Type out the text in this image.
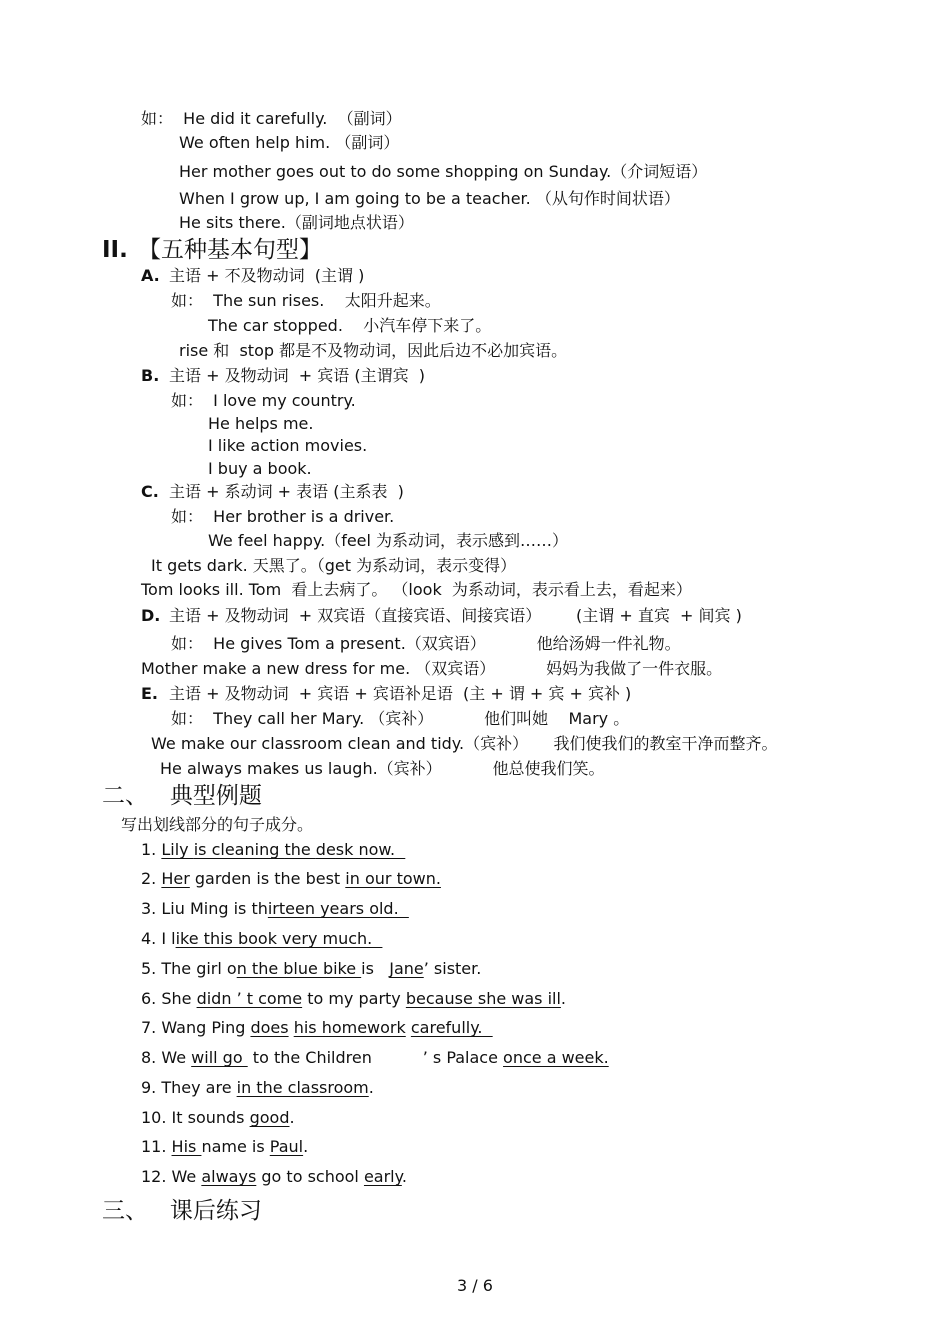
如：  He did it carefully.  （副词）
We often help him. （副词）
Her mother goes out to do some shopping on Sunday.（介词短语）
When I grow up, I am going to be a teacher. （从句作时间状语）
He sits there.（副词地点状语）
II. 【五种基本句型】
A. 主语 + 不及物动词  (主谓 )
如：  The sun rises.    太阳升起来。
The car stopped.    小汽车停下来了。
rise 和  stop 都是不及物动词，因此后边不必加宾语。
B. 主语 + 及物动词  + 宾语 (主谓宾  )
如：  I love my country.
He helps me.
I like action movies.
I buy a book.
C. 主语 + 系动词 + 表语 (主系表  )
如：  Her brother is a driver.
We feel happy.（feel 为系动词，表示感到……）
It gets dark. 天黑了。（get 为系动词，表示变得）
Tom looks ill. Tom  看上去病了。 （look  为系动词，表示看上去，看起来）
D. 主语 + 及物动词  + 双宾语（直接宾语、间接宾语） (主谓 + 直宾  + 间宾 )
如：  He gives Tom a present.（双宾语）          他给汤姆一件礼物。
Mother make a new dress for me. （双宾语）          妈妈为我做了一件衣服。
E. 主语 + 及物动词  + 宾语 + 宾语补足语  (主 + 谓 + 宾 + 宾补 )
如：  They call her Mary. （宾补）          他们叫她    Mary 。
We make our classroom clean and tidy.（宾补）     我们使我们的教室干净而整齐。
He always makes us laugh.（宾补）          他总使我们笑。
二、   典型例题
写出划线部分的句子成分。
1. Lily is cleaning the desk now.
2. Her garden is the best in our town.
3. Liu Ming is thirteen years old.
4. I like this book very much.
5. The girl on the blue bike is   Jane’ sister.
6. She didn ’ t come to my party because she was ill.
7. Wang Ping does his homework carefully.
8. We will go  to the Children          ’ s Palace once a week.
9. They are in the classroom.
10. It sounds good.
11. His name is Paul.
12. We always go to school early.
三、   课后练习
3 / 6
